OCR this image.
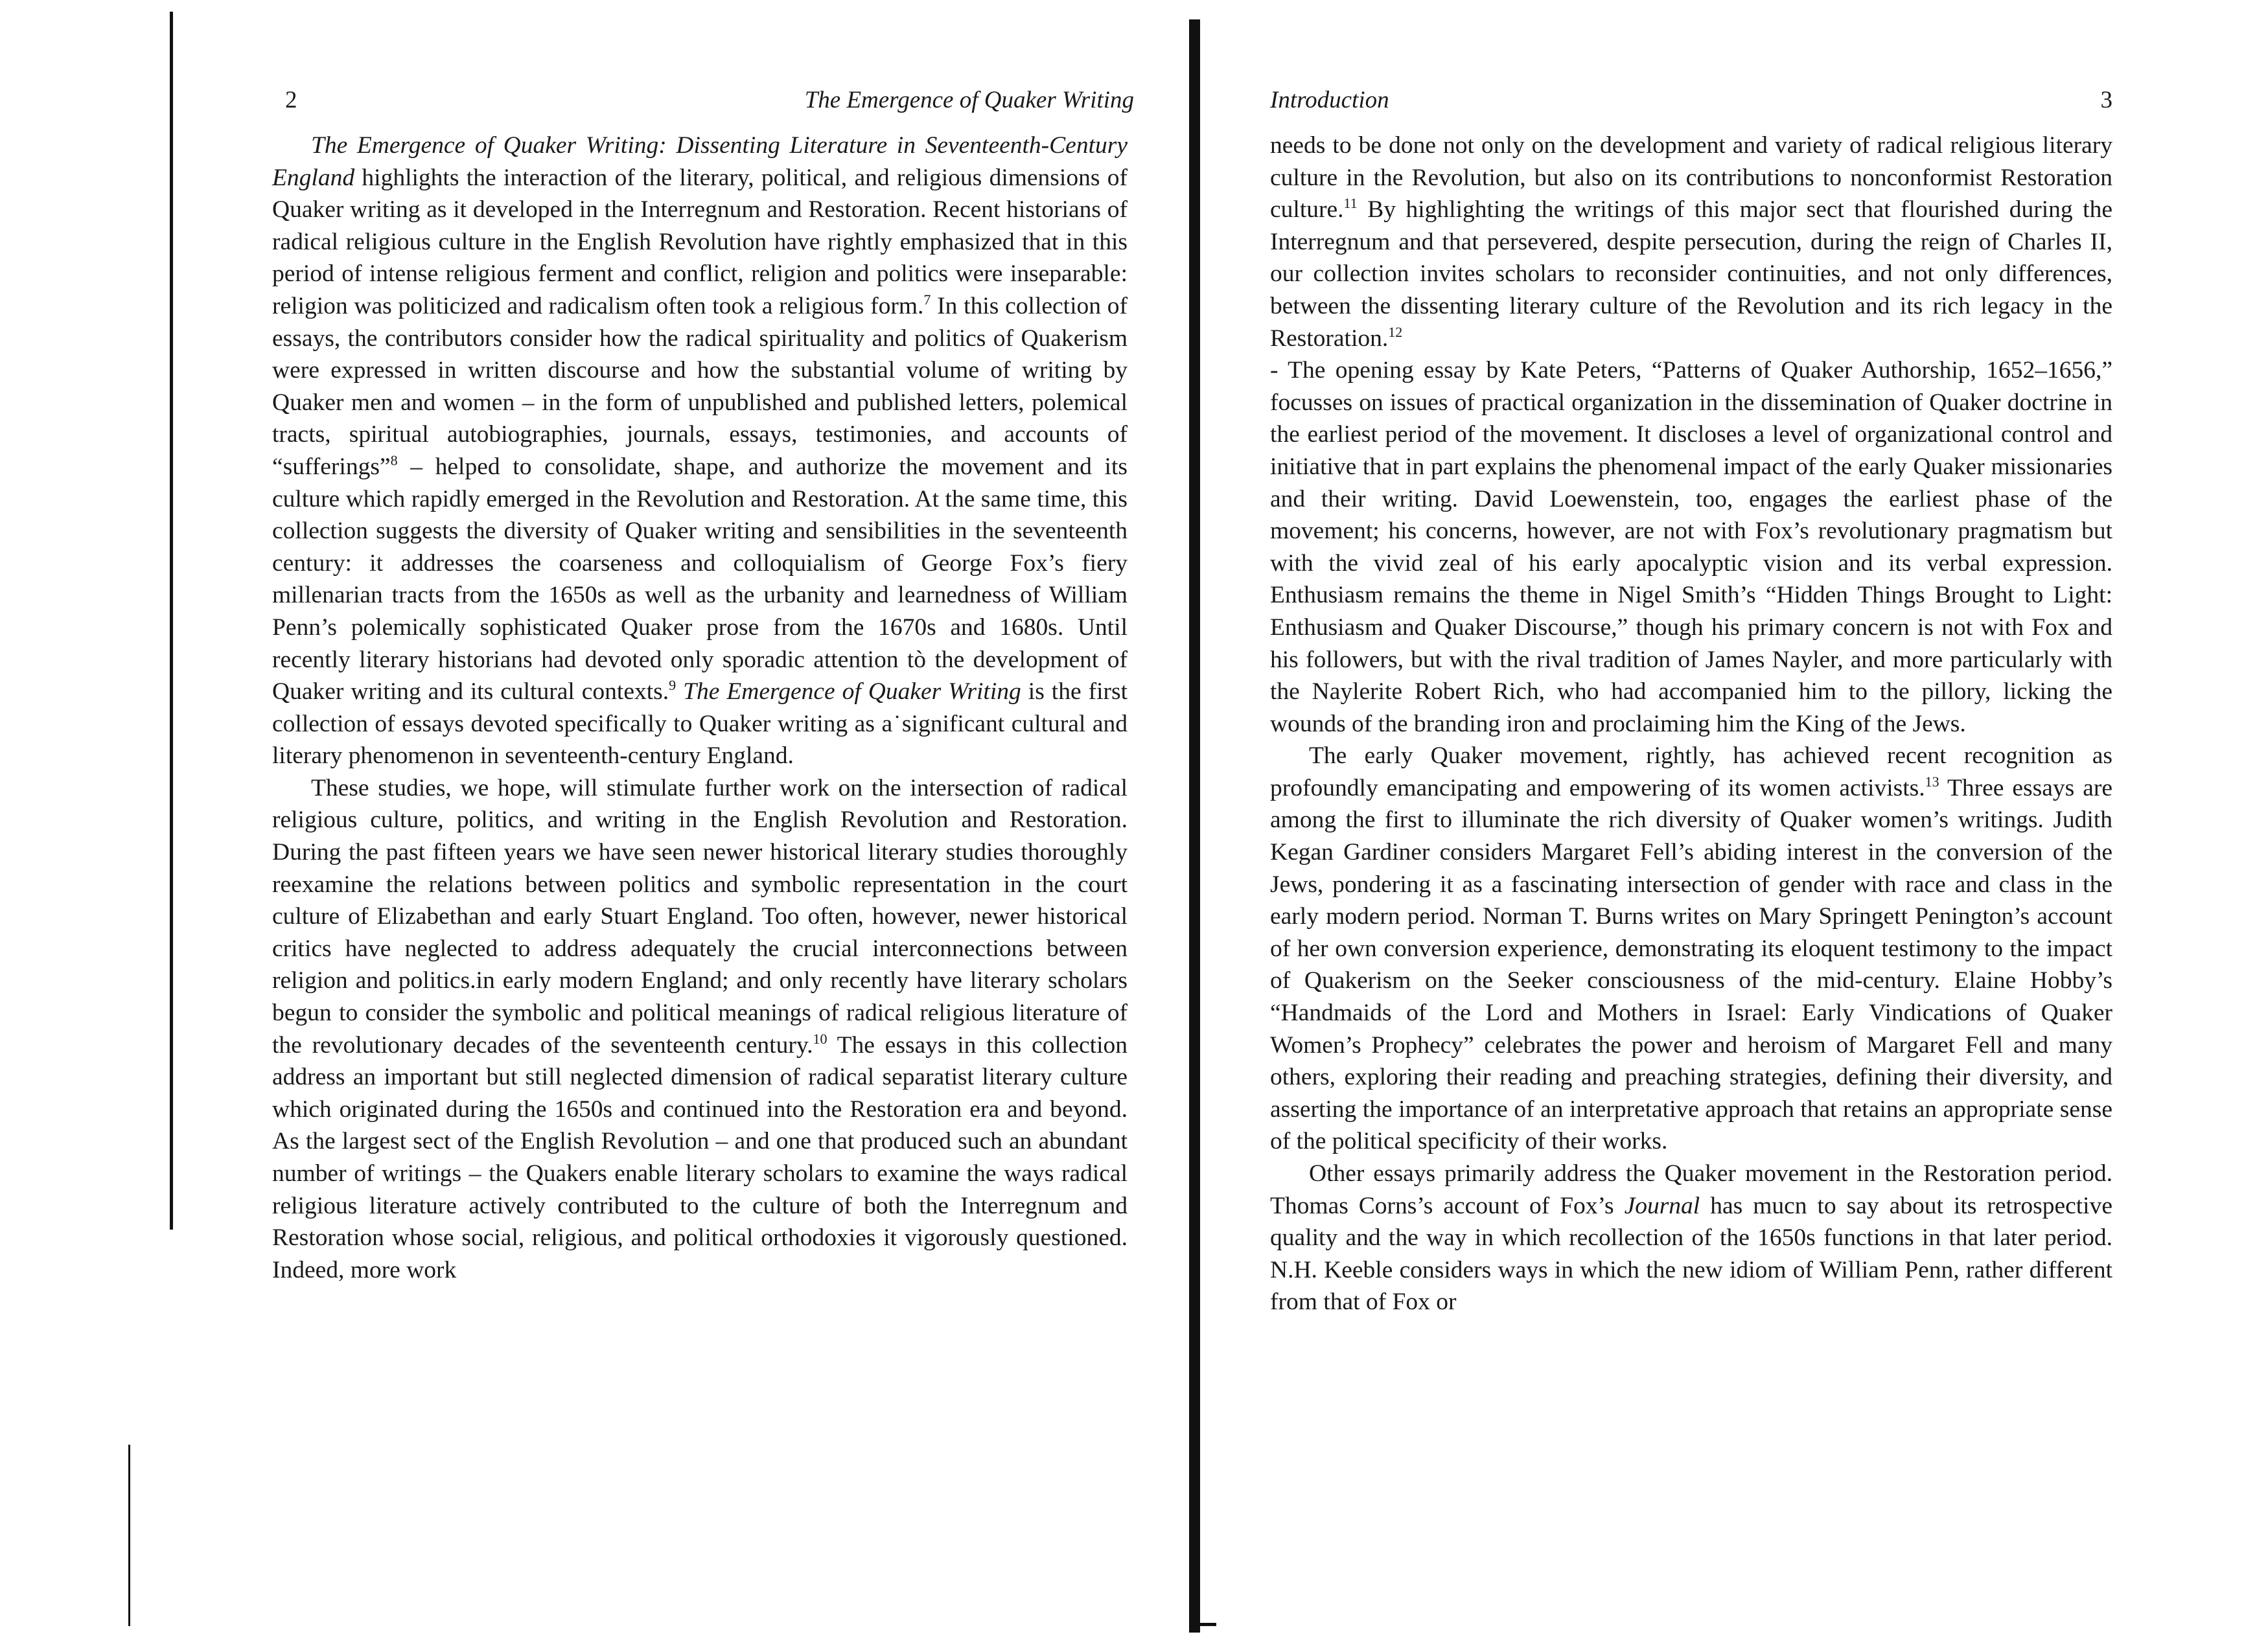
2	The Emergence of Quaker Writing

The Emergence of Quaker Writing: Dissenting Literature in Seventeenth-Century England highlights the interaction of the literary, political, and religious dimensions of Quaker writing as it developed in the Interregnum and Restoration. Recent historians of radical religious culture in the English Revolution have rightly emphasized that in this period of intense religious ferment and conflict, religion and politics were inseparable: religion was politicized and radicalism often took a religious form.$^7$ In this collection of essays, the contributors consider how the radical spirituality and politics of Quakerism were expressed in written discourse and how the substantial volume of writing by Quaker men and women – in the form of unpublished and published letters, polemical tracts, spiritual autobiographies, journals, essays, testimonies, and accounts of “sufferings”$^8$ – helped to consolidate, shape, and authorize the movement and its culture which rapidly emerged in the Revolution and Restoration. At the same time, this collection suggests the diversity of Quaker writing and sensibilities in the seventeenth century: it addresses the coarseness and colloquialism of George Fox’s fiery millenarian tracts from the 1650s as well as the urbanity and learnedness of William Penn’s polemically sophisticated Quaker prose from the 1670s and 1680s. Until recently literary historians had devoted only sporadic attention tò the development of Quaker writing and its cultural contexts.$^9$ The Emergence of Quaker Writing is the first collection of essays devoted specifically to Quaker writing as a˙significant cultural and literary phenomenon in seventeenth-century England.

These studies, we hope, will stimulate further work on the intersection of radical religious culture, politics, and writing in the English Revolution and Restoration. During the past fifteen years we have seen newer historical literary studies thoroughly reexamine the relations between politics and symbolic representation in the court culture of Elizabethan and early Stuart England. Too often, however, newer historical critics have neglected to address adequately the crucial interconnections between religion and politics.in early modern England; and only recently have literary scholars begun to consider the symbolic and political meanings of radical religious literature of the revolutionary decades of the seventeenth century.$^{10}$ The essays in this collection address an important but still neglected dimension of radical separatist literary culture which originated during the 1650s and continued into the Restoration era and beyond. As the largest sect of the English Revolution – and one that produced such an abundant number of writings – the Quakers enable literary scholars to examine the ways radical religious literature actively contributed to the culture of both the Interregnum and Restoration whose social, religious, and political orthodoxies it vigorously questioned. Indeed, more work

Introduction	3

needs to be done not only on the development and variety of radical religious literary culture in the Revolution, but also on its contributions to nonconformist Restoration culture.$^{11}$ By highlighting the writings of this major sect that flourished during the Interregnum and that persevered, despite persecution, during the reign of Charles II, our collection invites scholars to reconsider continuities, and not only differences, between the dissenting literary culture of the Revolution and its rich legacy in the Restoration.$^{12}$

- The opening essay by Kate Peters, “Patterns of Quaker Authorship, 1652–1656,” focusses on issues of practical organization in the dissemination of Quaker doctrine in the earliest period of the movement. It discloses a level of organizational control and initiative that in part explains the phenomenal impact of the early Quaker missionaries and their writing. David Loewenstein, too, engages the earliest phase of the movement; his concerns, however, are not with Fox’s revolutionary pragmatism but with the vivid zeal of his early apocalyptic vision and its verbal expression. Enthusiasm remains the theme in Nigel Smith’s “Hidden Things Brought to Light: Enthusiasm and Quaker Discourse,” though his primary concern is not with Fox and his followers, but with the rival tradition of James Nayler, and more particularly with the Naylerite Robert Rich, who had accompanied him to the pillory, licking the wounds of the branding iron and proclaiming him the King of the Jews.

The early Quaker movement, rightly, has achieved recent recognition as profoundly emancipating and empowering of its women activists.$^{13}$ Three essays are among the first to illuminate the rich diversity of Quaker women’s writings. Judith Kegan Gardiner considers Margaret Fell’s abiding interest in the conversion of the Jews, pondering it as a fascinating intersection of gender with race and class in the early modern period. Norman T. Burns writes on Mary Springett Penington’s account of her own conversion experience, demonstrating its eloquent testimony to the impact of Quakerism on the Seeker consciousness of the mid-century. Elaine Hobby’s “Handmaids of the Lord and Mothers in Israel: Early Vindications of Quaker Women’s Prophecy” celebrates the power and heroism of Margaret Fell and many others, exploring their reading and preaching strategies, defining their diversity, and asserting the importance of an interpretative approach that retains an appropriate sense of the political specificity of their works.

Other essays primarily address the Quaker movement in the Restoration period. Thomas Corns’s account of Fox’s Journal has mucn to say about its retrospective quality and the way in which recollection of the 1650s functions in that later period. N.H. Keeble considers ways in which the new idiom of William Penn, rather different from that of Fox or
